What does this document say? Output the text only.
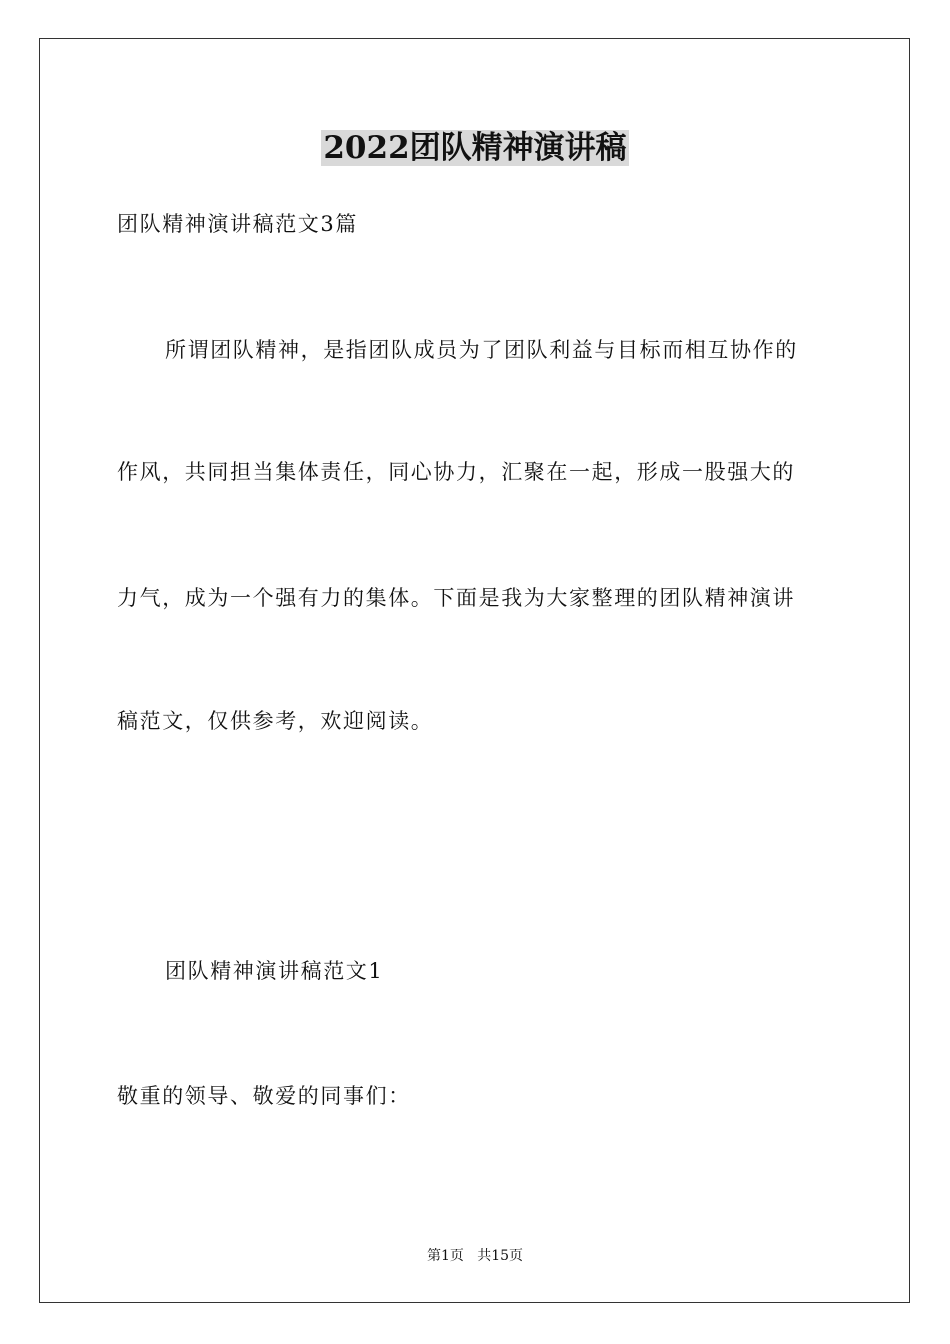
2022团队精神演讲稿
团队精神演讲稿范文3篇
所谓团队精神，是指团队成员为了团队利益与目标而相互协作的
作风，共同担当集体责任，同心协力，汇聚在一起，形成一股强大的
力气，成为一个强有力的集体。下面是我为大家整理的团队精神演讲
稿范文，仅供参考，欢迎阅读。
团队精神演讲稿范文1
敬重的领导、敬爱的同事们：
第1页   共15页
